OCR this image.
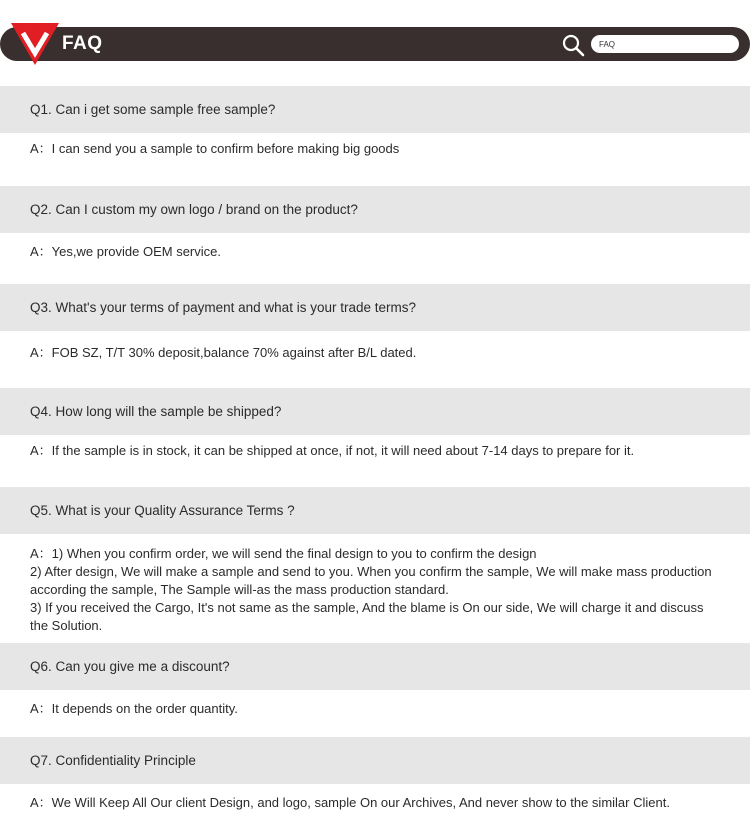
FAQ
FAQ
Q1. Can i get some sample free sample?
A：I can send you a sample to confirm before making big goods
Q2. Can I custom my own logo / brand on the product?
A：Yes,we provide OEM service.
Q3. What's your terms of payment and what is your trade terms?
A：FOB SZ, T/T 30% deposit,balance 70% against after B/L dated.
Q4. How long will the sample be shipped?
A：If the sample is in stock, it can be shipped at once, if not, it will need about 7-14 days to prepare for it.
Q5. What is your Quality Assurance Terms ?
A：1) When you confirm order, we will send the final design to you to confirm the design
2) After design, We will make a sample and send to you. When you confirm the sample, We will make mass production according the sample, The Sample will-as the mass production standard.
3) If you received the Cargo, It's not same as the sample, And the blame is On our side, We will charge it and discuss the Solution.
Q6. Can you give me a discount?
A：It depends on the order quantity.
Q7. Confidentiality Principle
A：We Will Keep All Our client Design, and logo, sample On our Archives, And never show to the similar Client.
